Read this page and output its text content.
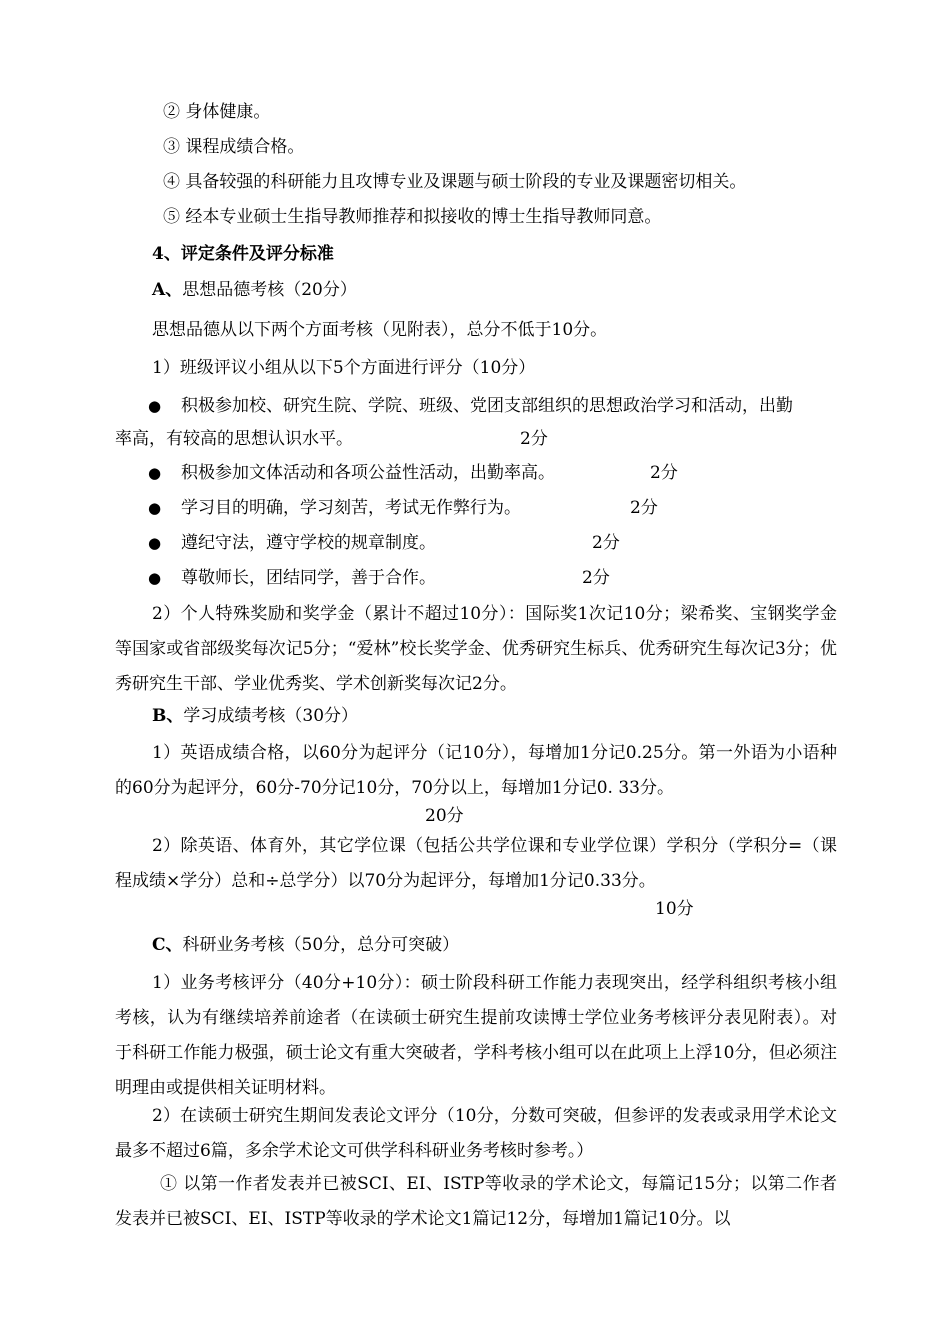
② 身体健康。
③ 课程成绩合格。
④ 具备较强的科研能力且攻博专业及课题与硕士阶段的专业及课题密切相关。
⑤ 经本专业硕士生指导教师推荐和拟接收的博士生指导教师同意。
4、评定条件及评分标准
A、思想品德考核（20分）
思想品德从以下两个方面考核（见附表），总分不低于10分。
1）班级评议小组从以下5个方面进行评分（10分）
● 积极参加校、研究生院、学院、班级、党团支部组织的思想政治学习和活动，出勤
率高，有较高的思想认识水平。	2分
● 积极参加文体活动和各项公益性活动，出勤率高。	2分
● 学习目的明确，学习刻苦，考试无作弊行为。	2分
● 遵纪守法，遵守学校的规章制度。	2分
● 尊敬师长，团结同学，善于合作。	2分
2）个人特殊奖励和奖学金（累计不超过10分）：国际奖1次记10分；梁希奖、宝钢奖学金等国家或省部级奖每次记5分；“爱林”校长奖学金、优秀研究生标兵、优秀研究生每次记3分；优秀研究生干部、学业优秀奖、学术创新奖每次记2分。
B、学习成绩考核（30分）
1）英语成绩合格，以60分为起评分（记10分），每增加1分记0.25分。第一外语为小语种的60分为起评分，60分-70分记10分，70分以上，每增加1分记0. 33分。
20分
2）除英语、体育外，其它学位课（包括公共学位课和专业学位课）学积分（学积分=（课程成绩×学分）总和÷总学分）以70分为起评分，每增加1分记0.33分。
10分
C、科研业务考核（50分，总分可突破）
1）业务考核评分（40分+10分）：硕士阶段科研工作能力表现突出，经学科组织考核小组考核，认为有继续培养前途者（在读硕士研究生提前攻读博士学位业务考核评分表见附表）。对于科研工作能力极强，硕士论文有重大突破者，学科考核小组可以在此项上上浮10分，但必须注明理由或提供相关证明材料。
2）在读硕士研究生期间发表论文评分（10分，分数可突破，但参评的发表或录用学术论文最多不超过6篇，多余学术论文可供学科科研业务考核时参考。）
① 以第一作者发表并已被SCI、EI、ISTP等收录的学术论文，每篇记15分；以第二作者发表并已被SCI、EI、ISTP等收录的学术论文1篇记12分，每增加1篇记10分。以
